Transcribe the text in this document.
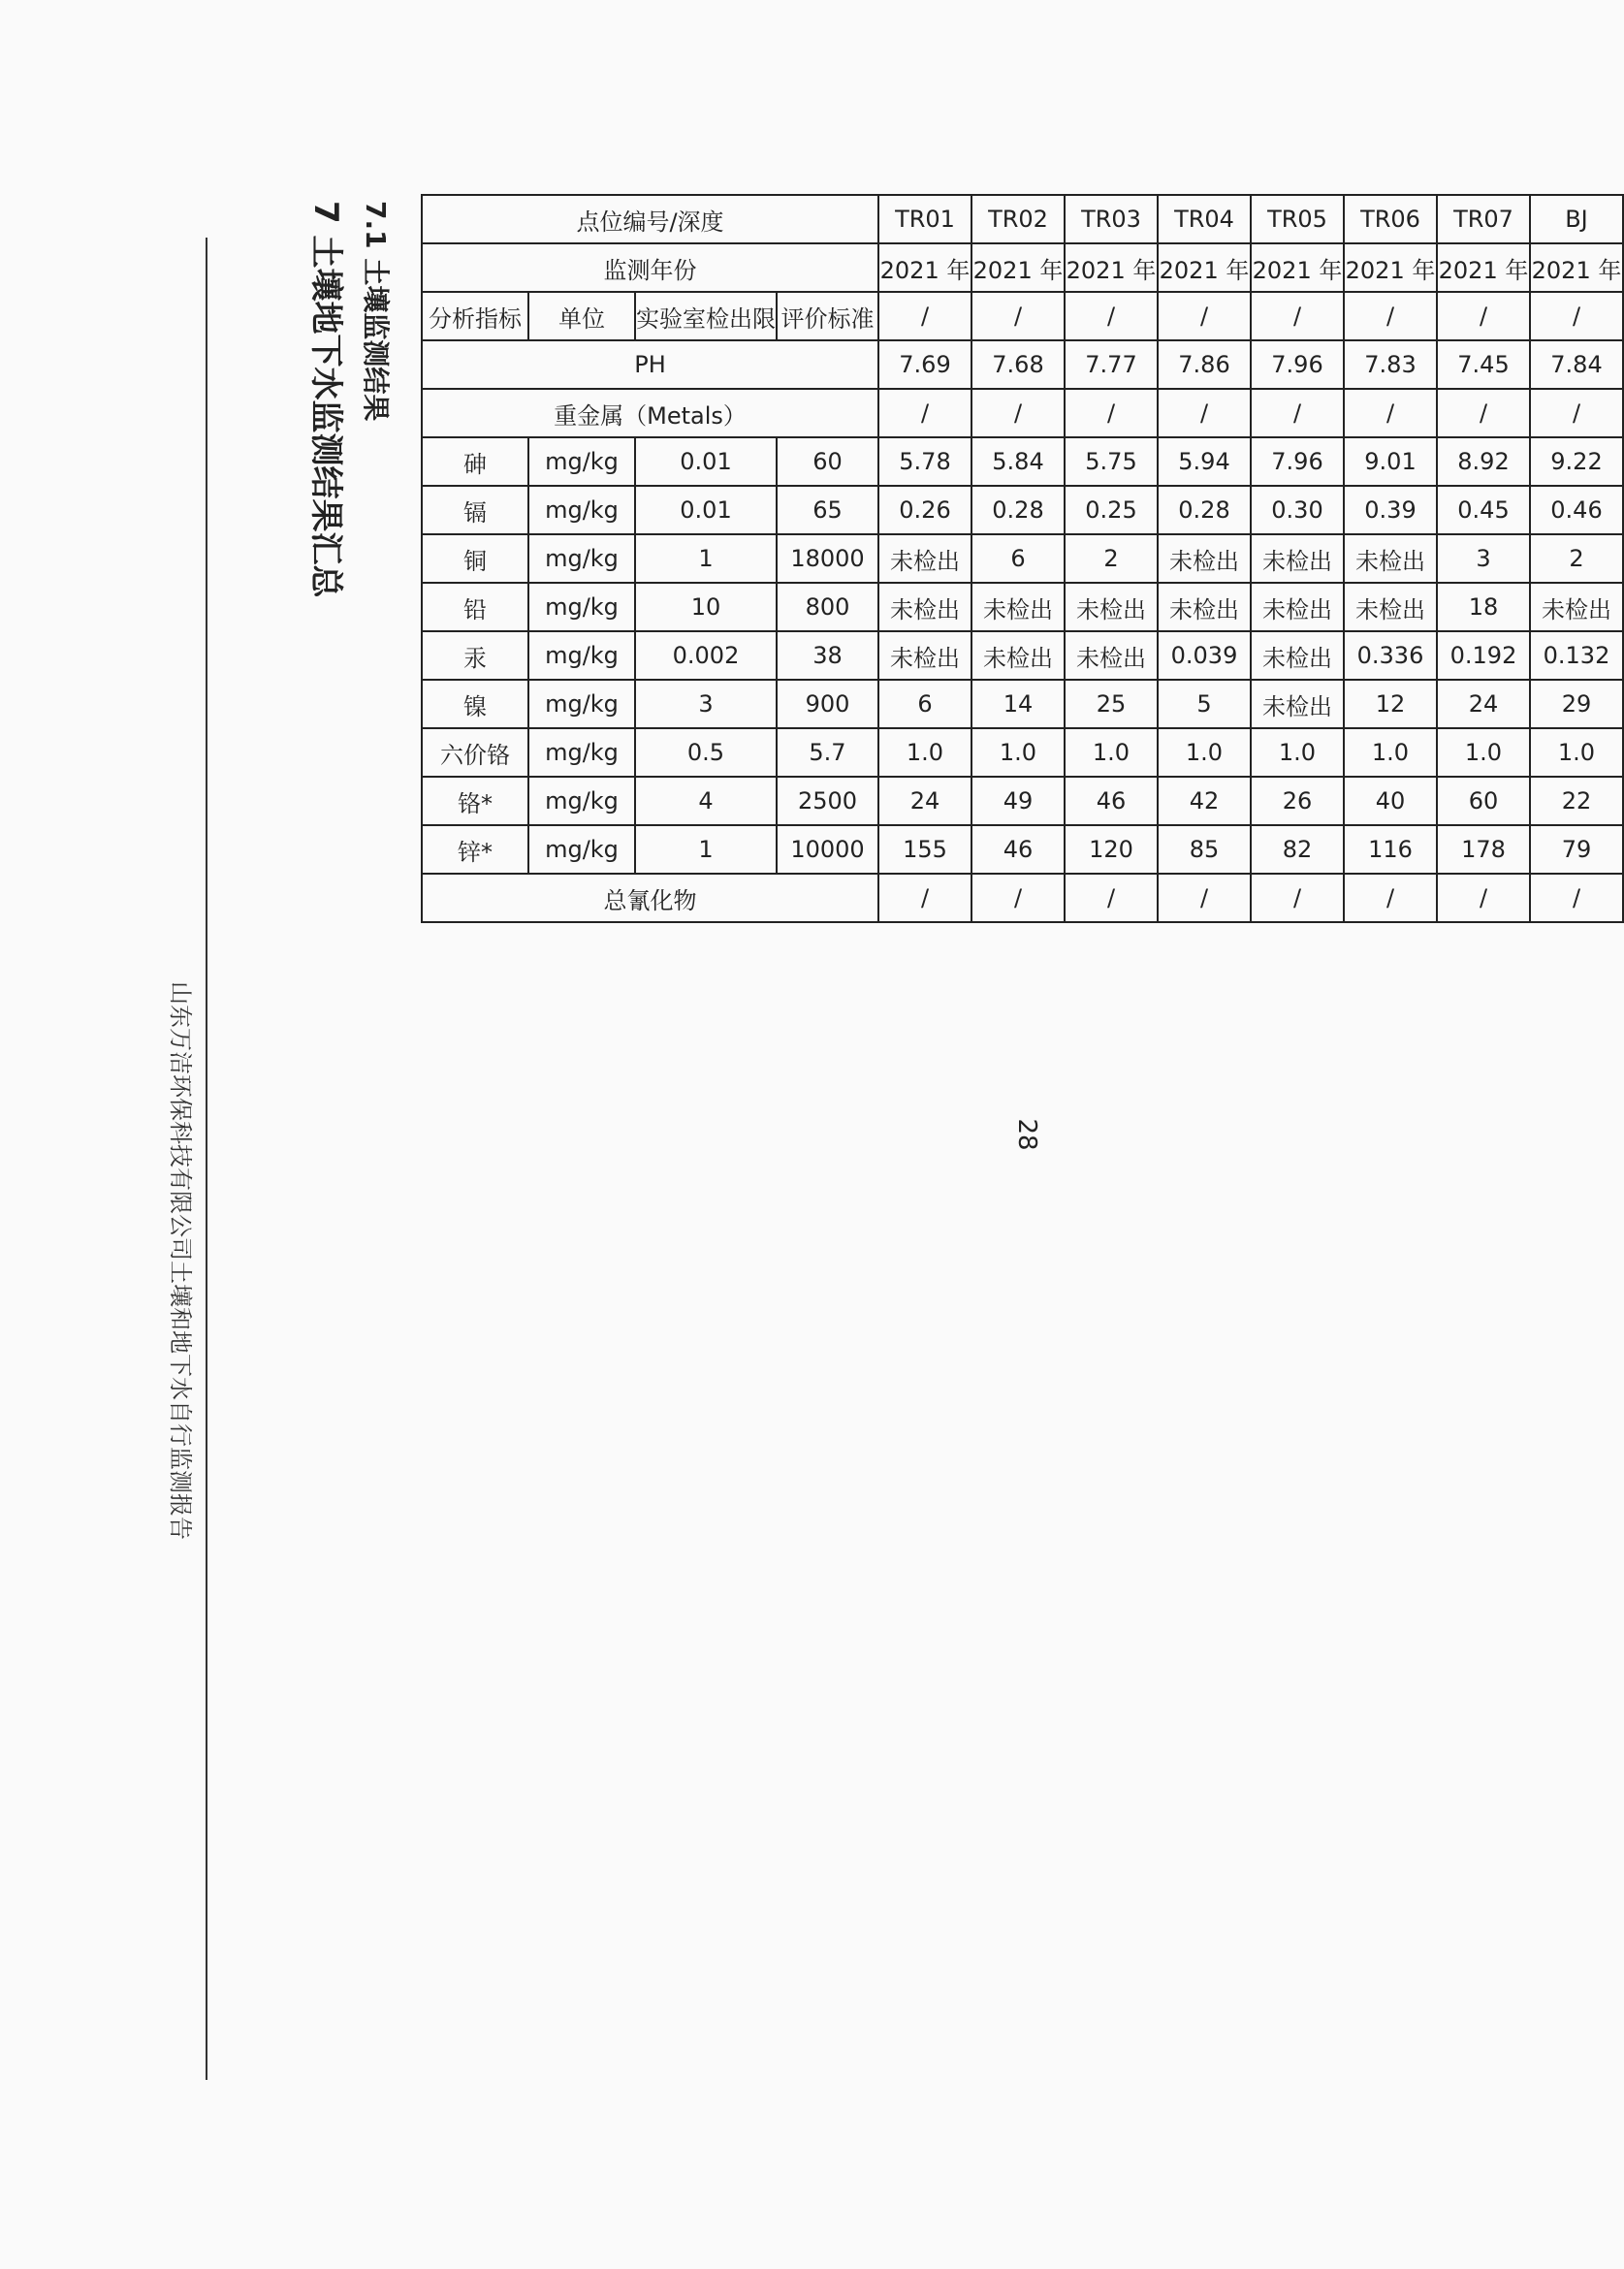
山东万洁环保科技有限公司土壤和地下水自行监测报告
7 土壤地下水监测结果汇总 7.1 土壤监测结果
28
点位编号/深度				TR01	TR02	TR03	TR04	TR05	TR06	TR07	BJ
监测年份				2021 年	2021 年	2021 年	2021 年	2021 年	2021 年	2021 年	2021 年
分析指标	单位	实验室检出限	评价标准	/	/	/	/	/	/	/	/
PH				7.69	7.68	7.77	7.86	7.96	7.83	7.45	7.84
重金属（Metals）				/	/	/	/	/	/	/	/
砷	mg/kg	0.01	60	5.78	5.84	5.75	5.94	7.96	9.01	8.92	9.22
镉	mg/kg	0.01	65	0.26	0.28	0.25	0.28	0.30	0.39	0.45	0.46
铜	mg/kg	1	18000	未检出	6	2	未检出	未检出	未检出	3	2
铅	mg/kg	10	800	未检出	未检出	未检出	未检出	未检出	未检出	18	未检出
汞	mg/kg	0.002	38	未检出	未检出	未检出	0.039	未检出	0.336	0.192	0.132
镍	mg/kg	3	900	6	14	25	5	未检出	12	24	29
六价铬	mg/kg	0.5	5.7	1.0	1.0	1.0	1.0	1.0	1.0	1.0	1.0
铬*	mg/kg	4	2500	24	49	46	42	26	40	60	22
锌*	mg/kg	1	10000	155	46	120	85	82	116	178	79
总氰化物				/	/	/	/	/	/	/	/
